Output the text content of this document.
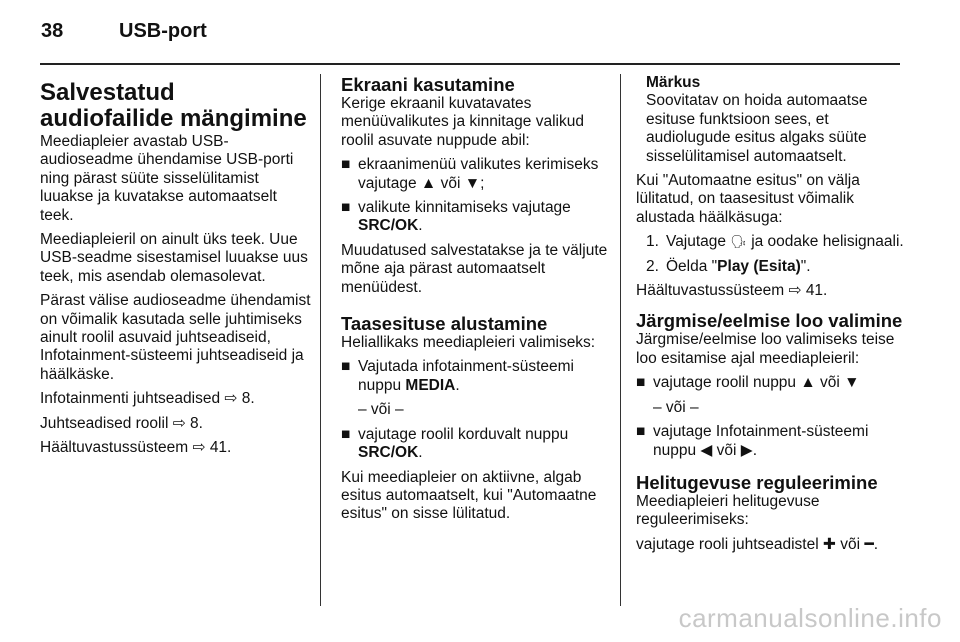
38	USB-port
Salvestatud audiofailide mängimine

Meediapleier avastab USB-audioseadme ühendamise USB-porti ning pärast süüte sisselülitamist luuakse ja kuvatakse automaatselt teek.

Meediapleieril on ainult üks teek. Uue USB-seadme sisestamisel luuakse uus teek, mis asendab olemasolevat.

Pärast välise audioseadme ühendamist on võimalik kasutada selle juhtimiseks ainult roolil asuvaid juhtseadiseid, Infotainment-süsteemi juhtseadiseid ja häälkäske.

Infotainmenti juhtseadised ⇨ 8.

Juhtseadised roolil ⇨ 8.

Häältuvastussüsteem ⇨ 41.

Ekraani kasutamine

Kerige ekraanil kuvatavates menüüvalikutes ja kinnitage valikud roolil asuvate nuppude abil:

■ ekraanimenüü valikutes kerimiseks vajutage ▲ või ▼;
■ valikute kinnitamiseks vajutage SRC/OK.

Muudatused salvestatakse ja te väljute mõne aja pärast automaatselt menüüdest.

Taasesituse alustamine

Heliallikaks meediapleieri valimiseks:

■ Vajutada infotainment-süsteemi nuppu MEDIA.

– või –

■ vajutage roolil korduvalt nuppu SRC/OK.

Kui meediapleier on aktiivne, algab esitus automaatselt, kui "Automaatne esitus" on sisse lülitatud.

Märkus
Soovitatav on hoida automaatse esituse funktsioon sees, et audiolugude esitus algaks süüte sisselülitamisel automaatselt.

Kui "Automaatne esitus" on välja lülitatud, on taasesitust võimalik alustada häälkäsuga:

1. Vajutage 🗣 ja oodake helisignaali.
2. Öelda "Play (Esita)".

Häältuvastussüsteem ⇨ 41.

Järgmise/eelmise loo valimine

Järgmise/eelmise loo valimiseks teise loo esitamise ajal meediapleieril:

■ vajutage roolil nuppu ▲ või ▼

– või –

■ vajutage Infotainment-süsteemi nuppu ◀ või ▶.
Helitugevuse reguleerimine

Meediapleieri helitugevuse reguleerimiseks:

vajutage rooli juhtseadistel ✚ või ━.

carmanualsonline.info
